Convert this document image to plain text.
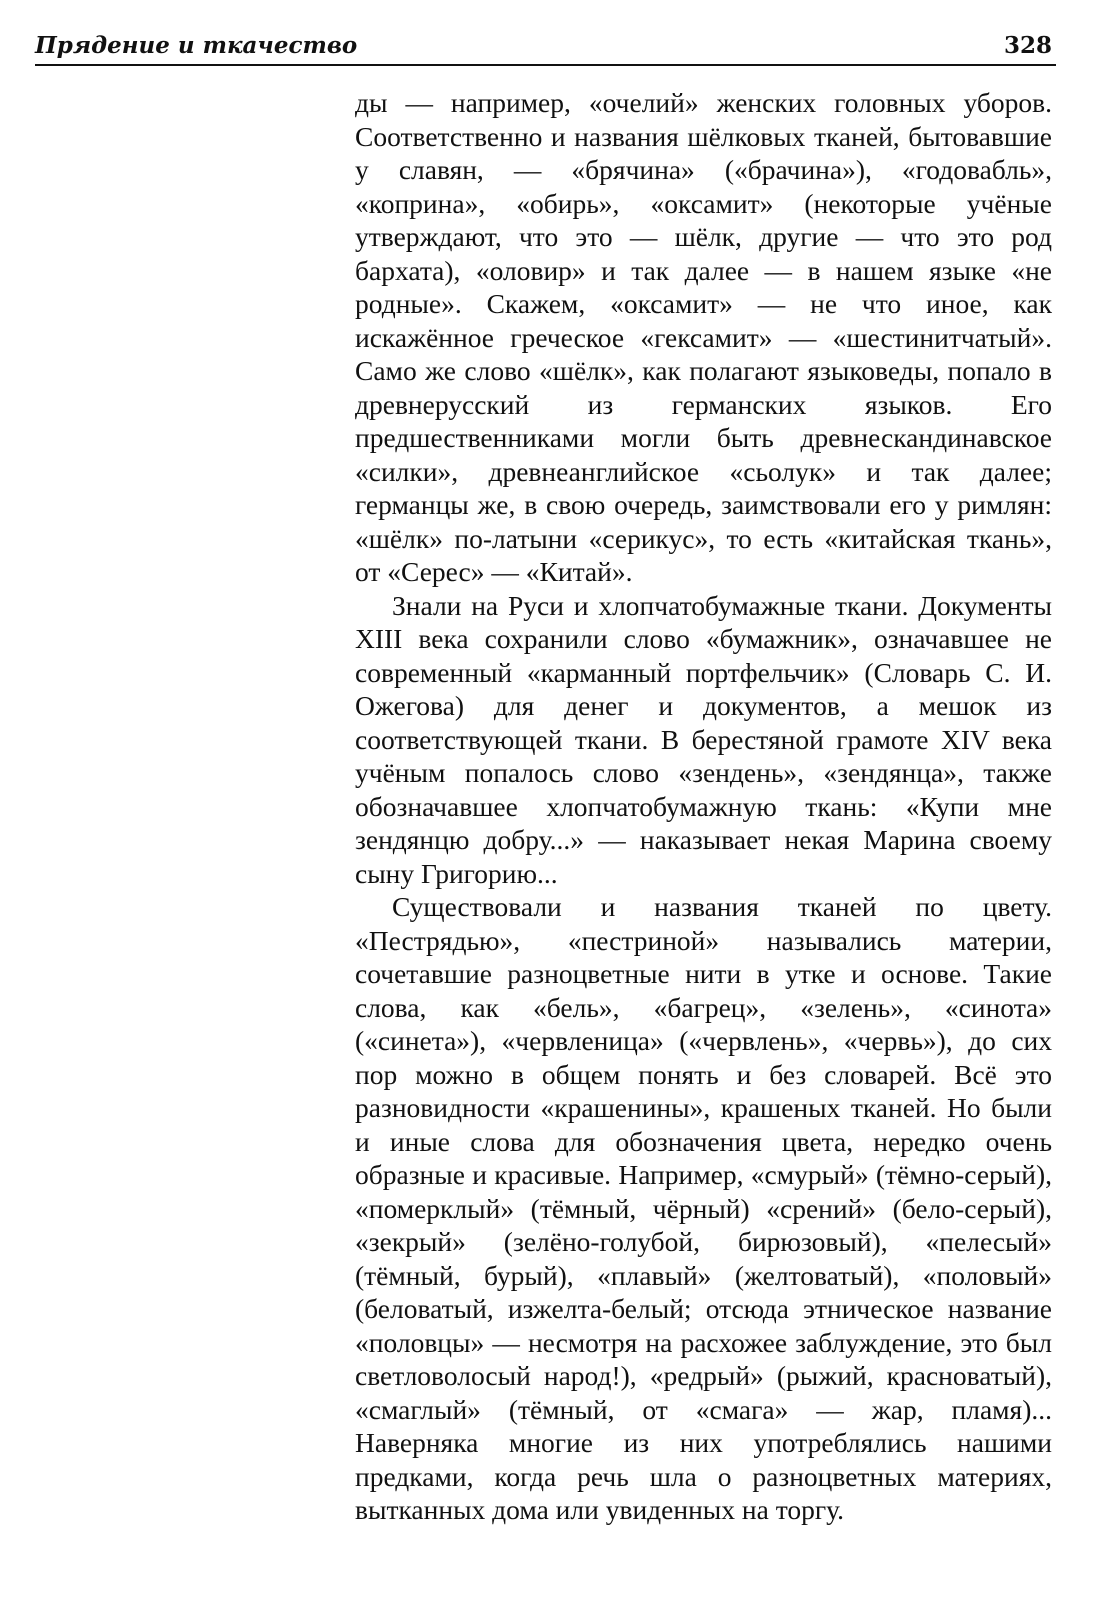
Прядение и ткачество	328

ды — например, «очелий» женских головных уборов. Соответственно и названия шёлковых тканей, бытовавшие у славян, — «брячина» («брачина»), «годовабль», «коприна», «обирь», «оксамит» (некоторые учёные утверждают, что это — шёлк, другие — что это род бархата), «оловир» и так далее — в нашем языке «не родные». Скажем, «оксамит» — не что иное, как искажённое греческое «гексамит» — «шестинитчатый». Само же слово «шёлк», как полагают языковеды, попало в древнерусский из германских языков. Его предшественниками могли быть древнескандинавское «силки», древнеанглийское «сьолук» и так далее; германцы же, в свою очередь, заимствовали его у римлян: «шёлк» по-латыни «серикус», то есть «китайская ткань», от «Серес» — «Китай».

Знали на Руси и хлопчатобумажные ткани. Документы XIII века сохранили слово «бумажник», означавшее не современный «карманный портфельчик» (Словарь С. И. Ожегова) для денег и документов, а мешок из соответствующей ткани. В берестяной грамоте XIV века учёным попалось слово «зендень», «зендянца», также обозначавшее хлопчатобумажную ткань: «Купи мне зендянцю добру...» — наказывает некая Марина своему сыну Григорию...

Существовали и названия тканей по цвету. «Пестрядью», «пестриной» назывались материи, сочетавшие разноцветные нити в утке и основе. Такие слова, как «бель», «багрец», «зелень», «синота» («синета»), «червленица» («червлень», «червь»), до сих пор можно в общем понять и без словарей. Всё это разновидности «крашенины», крашеных тканей. Но были и иные слова для обозначения цвета, нередко очень образные и красивые. Например, «смурый» (тёмно-серый), «померклый» (тёмный, чёрный) «срений» (бело-серый), «зекрый» (зелёно-голубой, бирюзовый), «пелесый» (тёмный, бурый), «плавый» (желтоватый), «половый» (беловатый, изжелта-белый; отсюда этническое название «половцы» — несмотря на расхожее заблуждение, это был светловолосый народ!), «редрый» (рыжий, красноватый), «смаглый» (тёмный, от «смага» — жар, пламя)... Наверняка многие из них употреблялись нашими предками, когда речь шла о разноцветных материях, вытканных дома или увиденных на торгу.
